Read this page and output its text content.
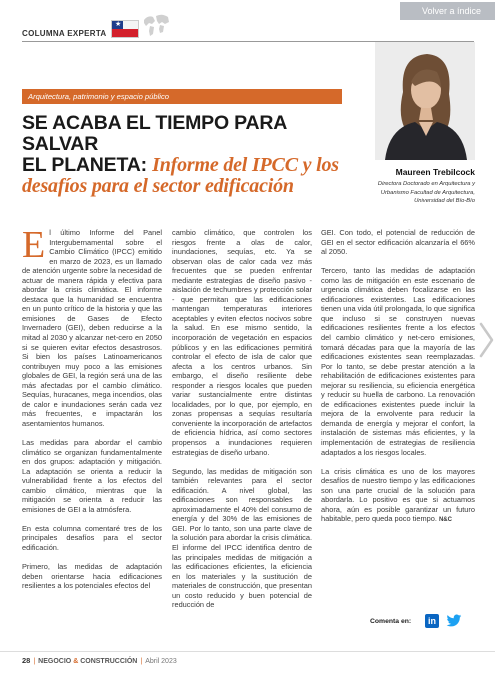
Volver a índice
COLUMNA EXPERTA
★
Maureen Trebilcock
Directora Doctorado en Arquitectura y
Urbanismo Facultad de Arquitectura,
Universidad del Bío-Bío
Arquitectura, patrimonio y espacio público
SE ACABA EL TIEMPO PARA SALVAR
EL PLANETA: Informe del IPCC y los
desafíos para el sector edificación

El último Informe del Panel Intergubernamental sobre el Cambio Climático (IPCC) emitido en marzo de 2023, es un llamado de atención urgente sobre la necesidad de actuar de manera rápida y efectiva para abordar la crisis climática. El informe destaca que la humanidad se encuentra en un punto crítico de la historia y que las emisiones de Gases de Efecto Invernadero (GEI), deben reducirse a la mitad al 2030 y alcanzar net-cero en 2050 si se quieren evitar efectos desastrosos. Si bien los países Latinoamericanos contribuyen muy poco a las emisiones globales de GEI, la región será una de las más afectadas por el cambio climático. Sequías, huracanes, mega incendios, olas de calor e inundaciones serán cada vez más frecuentes, e impactarán los asentamientos humanos.

Las medidas para abordar el cambio climático se organizan fundamentalmente en dos grupos: adaptación y mitigación. La adaptación se orienta a reducir la vulnerabilidad frente a los efectos del cambio climático, mientras que la mitigación se orienta a reducir las emisiones de GEI a la atmósfera.

En esta columna comentaré tres de los principales desafíos para el sector edificación.

Primero, las medidas de adaptación deben orientarse hacia edificaciones resilientes a los potenciales efectos del

cambio climático, que controlen los riesgos frente a olas de calor, inundaciones, sequías, etc. Ya se observan olas de calor cada vez más frecuentes que se pueden enfrentar mediante estrategias de diseño pasivo - aislación de techumbres y protección solar - que permitan que las edificaciones mantengan temperaturas interiores aceptables y eviten efectos nocivos sobre la salud. En ese mismo sentido, la incorporación de vegetación en espacios públicos y en las edificaciones permitirá controlar el efecto de isla de calor que afecta a los centros urbanos. Sin embargo, el diseño resiliente debe responder a riesgos locales que pueden variar sustancialmente entre distintas localidades, por lo que, por ejemplo, en zonas propensas a sequías resultaría conveniente la incorporación de artefactos de eficiencia hídrica, así como sectores propensos a inundaciones requieren estrategias de diseño urbano.

Segundo, las medidas de mitigación son también relevantes para el sector edificación. A nivel global, las edificaciones son responsables de aproximadamente el 40% del consumo de energía y del 30% de las emisiones de GEI. Por lo tanto, son una parte clave de la solución para abordar la crisis climática. El informe del IPCC identifica dentro de las principales medidas de mitigación a las edificaciones eficientes, la eficiencia en los materiales y la sustitución de materiales de construcción, que presentan un costo reducido y buen potencial de reducción de

GEI. Con todo, el potencial de reducción de GEI en el sector edificación alcanzaría el 66% al 2050.

Tercero, tanto las medidas de adaptación como las de mitigación en este escenario de urgencia climática deben focalizarse en las edificaciones existentes. Las edificaciones tienen una vida útil prolongada, lo que significa que incluso si se construyen nuevas edificaciones resilientes frente a los efectos del cambio climático y net-cero emisiones, tomará décadas para que la mayoría de las edificaciones existentes sean reemplazadas. Por lo tanto, se debe prestar atención a la rehabilitación de edificaciones existentes para mejorar su resiliencia, su eficiencia energética y reducir su huella de carbono. La renovación de edificaciones existentes puede incluir la mejora de la envolvente para reducir la demanda de energía y mejorar el confort, la instalación de sistemas más eficientes, y la implementación de estrategias de resiliencia adaptados a los riesgos locales.

La crisis climática es uno de los mayores desafíos de nuestro tiempo y las edificaciones son una parte crucial de la solución para abordarla. Lo positivo es que si actuamos ahora, aún es posible garantizar un futuro habitable, pero queda poco tiempo. N&C

Comenta en:	in
28 | NEGOCIO & CONSTRUCCIÓN | Abril 2023
